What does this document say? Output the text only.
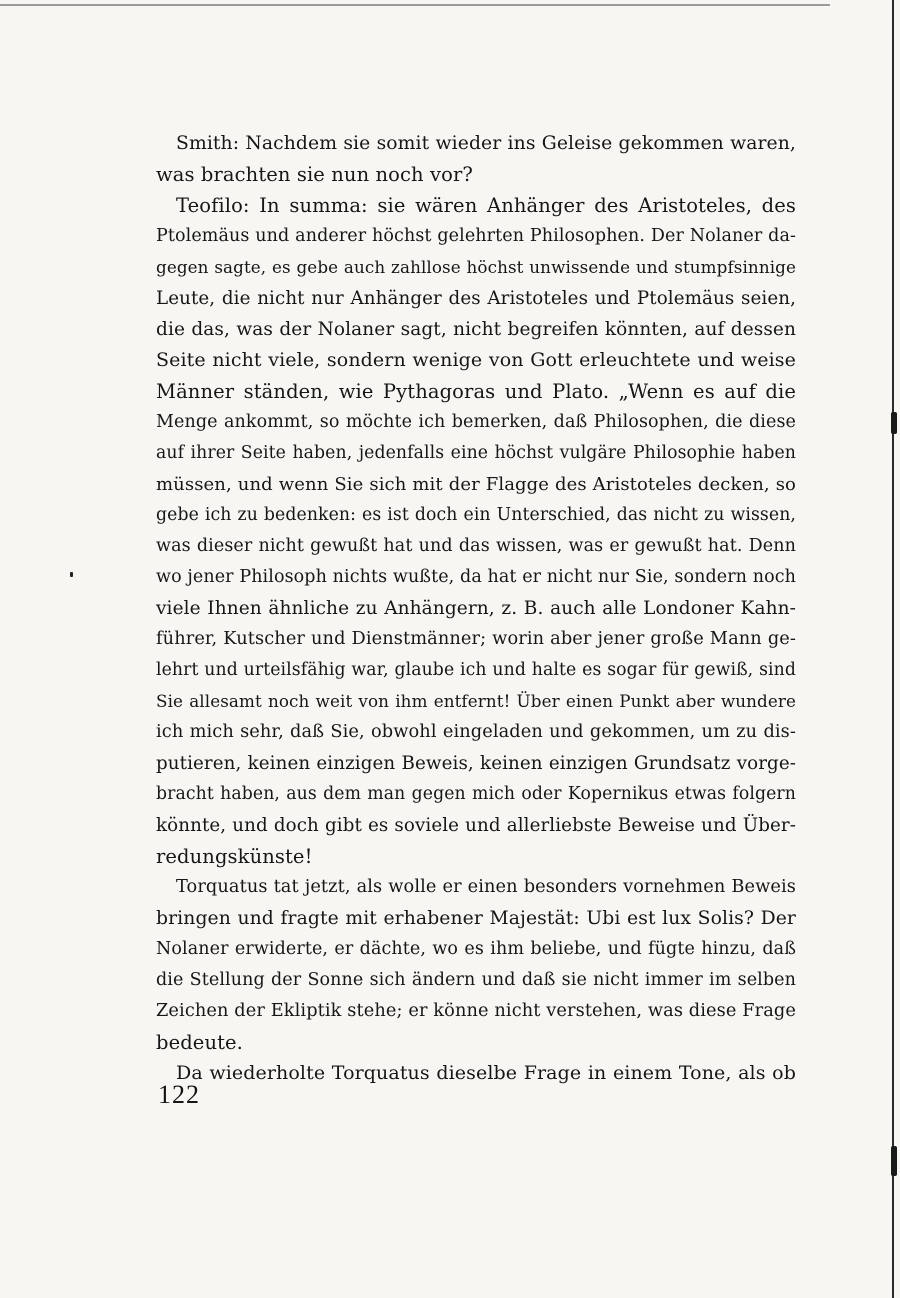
Smith: Nachdem sie somit wieder ins Geleise gekommen waren,
was brachten sie nun noch vor?
Teofilo: In summa: sie wären Anhänger des Aristoteles, des
Ptolemäus und anderer höchst gelehrten Philosophen. Der Nolaner da-
gegen sagte, es gebe auch zahllose höchst unwissende und stumpfsinnige
Leute, die nicht nur Anhänger des Aristoteles und Ptolemäus seien,
die das, was der Nolaner sagt, nicht begreifen könnten, auf dessen
Seite nicht viele, sondern wenige von Gott erleuchtete und weise
Männer ständen, wie Pythagoras und Plato. „Wenn es auf die
Menge ankommt, so möchte ich bemerken, daß Philosophen, die diese
auf ihrer Seite haben, jedenfalls eine höchst vulgäre Philosophie haben
müssen, und wenn Sie sich mit der Flagge des Aristoteles decken, so
gebe ich zu bedenken: es ist doch ein Unterschied, das nicht zu wissen,
was dieser nicht gewußt hat und das wissen, was er gewußt hat. Denn
wo jener Philosoph nichts wußte, da hat er nicht nur Sie, sondern noch
viele Ihnen ähnliche zu Anhängern, z. B. auch alle Londoner Kahn-
führer, Kutscher und Dienstmänner; worin aber jener große Mann ge-
lehrt und urteilsfähig war, glaube ich und halte es sogar für gewiß, sind
Sie allesamt noch weit von ihm entfernt! Über einen Punkt aber wundere
ich mich sehr, daß Sie, obwohl eingeladen und gekommen, um zu dis-
putieren, keinen einzigen Beweis, keinen einzigen Grundsatz vorge-
bracht haben, aus dem man gegen mich oder Kopernikus etwas folgern
könnte, und doch gibt es soviele und allerliebste Beweise und Über-
redungskünste!
Torquatus tat jetzt, als wolle er einen besonders vornehmen Beweis
bringen und fragte mit erhabener Majestät: Ubi est lux Solis? Der
Nolaner erwiderte, er dächte, wo es ihm beliebe, und fügte hinzu, daß
die Stellung der Sonne sich ändern und daß sie nicht immer im selben
Zeichen der Ekliptik stehe; er könne nicht verstehen, was diese Frage
bedeute.
Da wiederholte Torquatus dieselbe Frage in einem Tone, als ob
122
